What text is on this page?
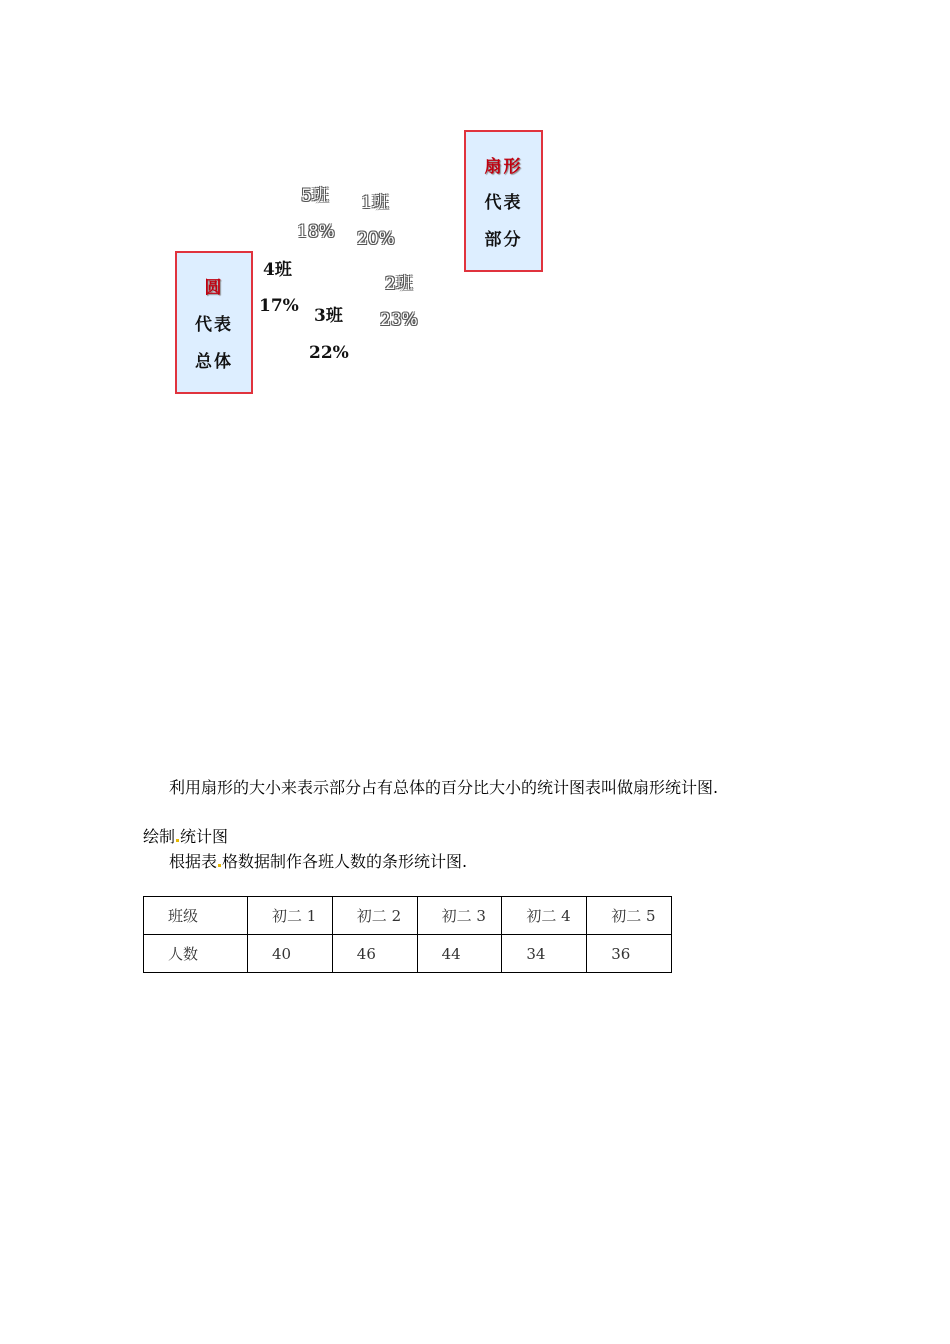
圆
代表
总体
扇形
代表
部分
5班
18%
1班
20%
2班
23%
3班
22%
4班
17%
利用扇形的大小来表示部分占有总体的百分比大小的统计图表叫做扇形统计图.
绘制 统计图
根据表 格数据制作各班人数的条形统计图.
班级	初二 1	初二 2	初二 3	初二 4	初二 5
人数	40	46	44	34	36
